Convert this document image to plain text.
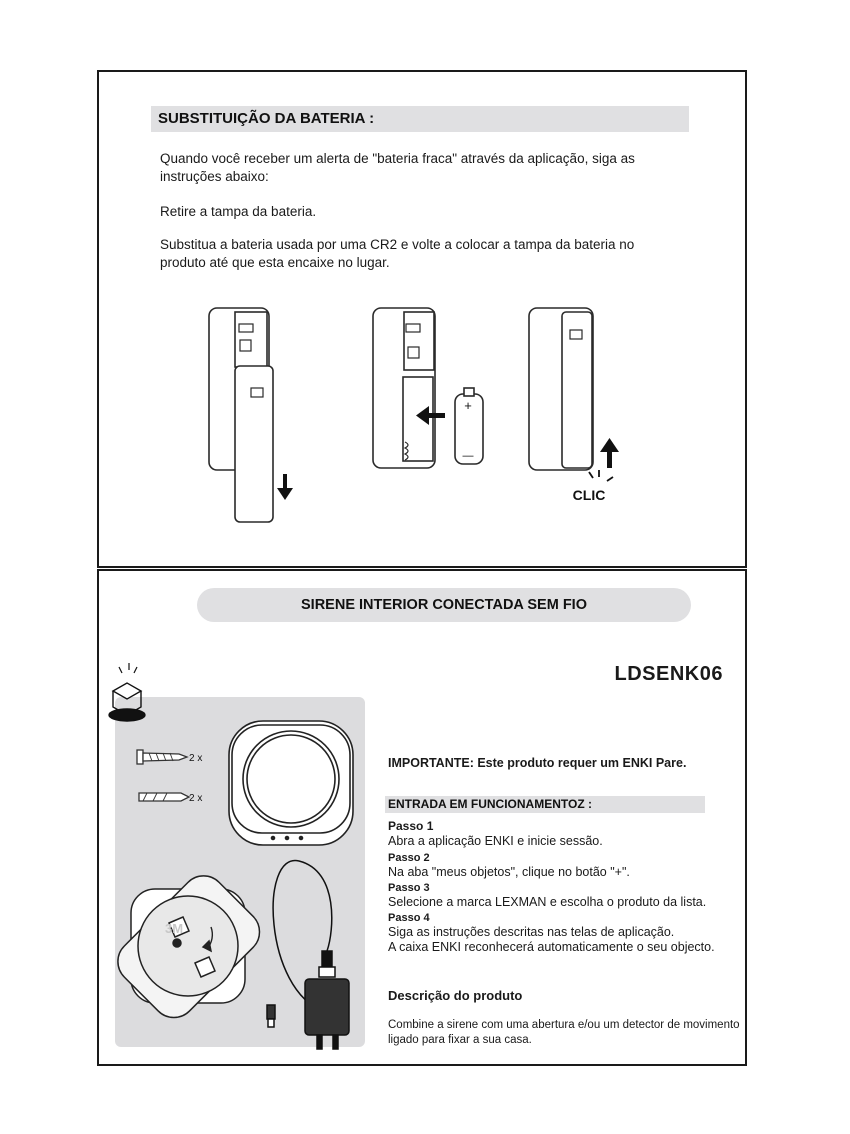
SUBSTITUIÇÃO DA BATERIA :
Quando você receber um alerta de "bateria fraca" através da aplicação, siga as
instruções abaixo:
Retire a tampa da bateria.
Substitua a bateria usada por uma CR2 e volte a colocar a tampa da bateria no
produto até que esta encaixe no lugar.
+
—
CLIC
SIRENE INTERIOR CONECTADA SEM FIO
LDSENK06
2 x
2 x
3M
IMPORTANTE: Este produto requer um ENKI Pare.
ENTRADA EM FUNCIONAMENTOZ :
Passo 1
Abra a aplicação ENKI e inicie sessão.
Passo 2
Na aba "meus objetos", clique no botão "+".
Passo 3
Selecione a marca LEXMAN e escolha o produto da lista.
Passo 4
Siga as instruções descritas nas telas de aplicação.
A caixa ENKI reconhecerá automaticamente o seu objecto.
Descrição do produto
Combine a sirene com uma abertura e/ou um detector de movimento
ligado para fixar a sua casa.
